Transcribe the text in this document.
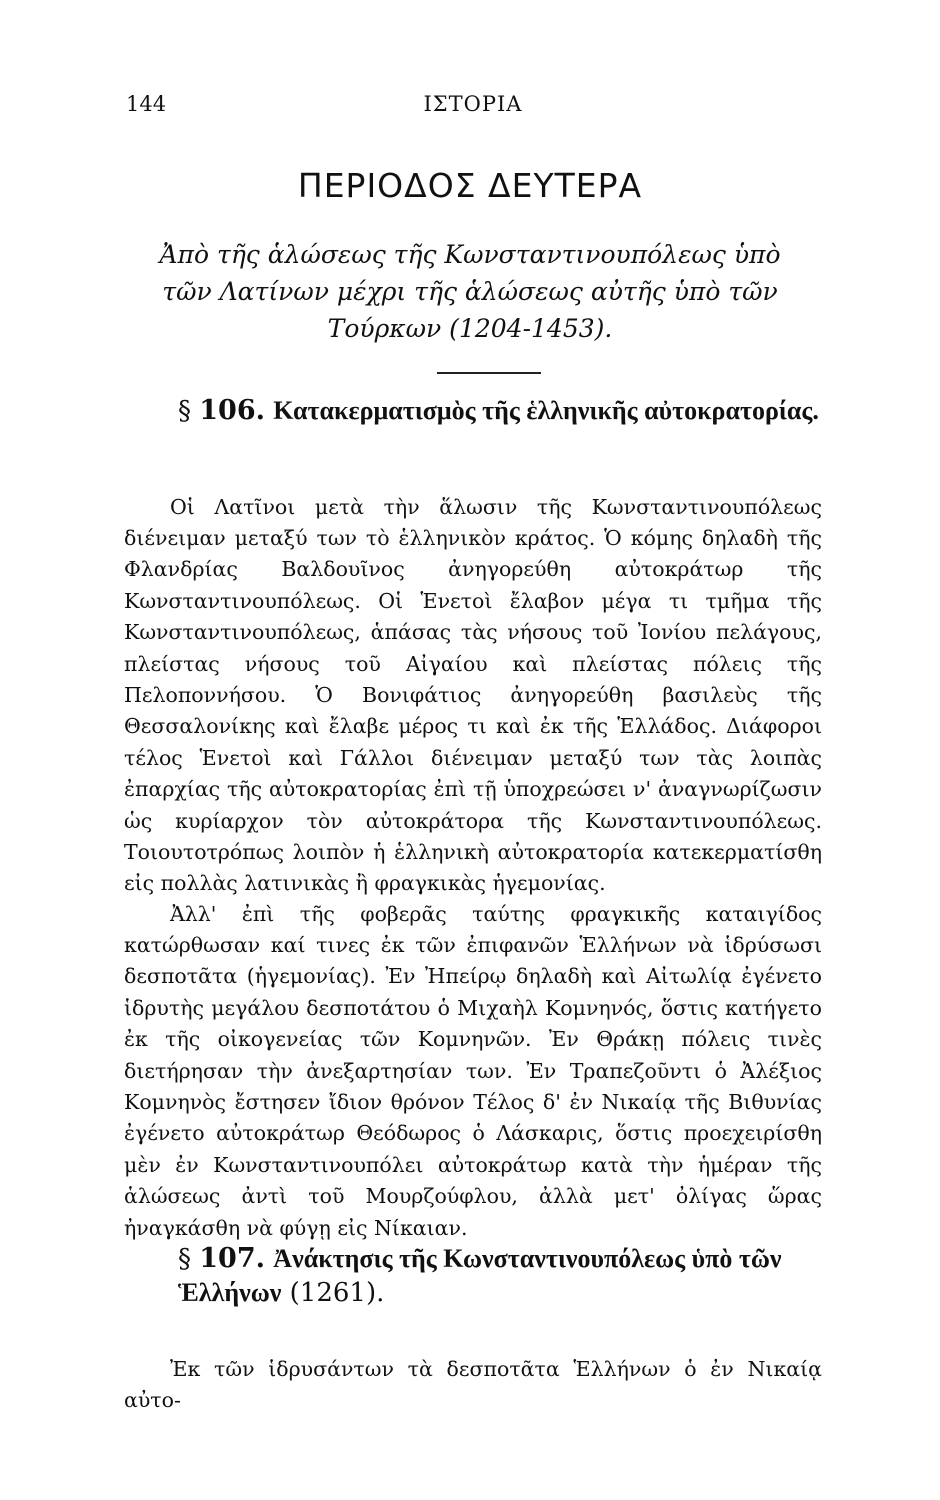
144	ΙΣΤΟΡΙΑ
ΠΕΡΙΟΔΟΣ ΔΕΥΤΕΡΑ
Ἀπὸ τῆς ἁλώσεως τῆς Κωνσταντινουπόλεως ὑπὸ τῶν Λατίνων μέχρι τῆς ἁλώσεως αὐτῆς ὑπὸ τῶν Τούρκων (1204-1453).
§ 106. Κατακερματισμὸς τῆς ἑλληνικῆς αὐτοκρατορίας.

Οἱ Λατῖνοι μετὰ τὴν ἅλωσιν τῆς Κωνσταντινουπόλεως διένειμαν μεταξύ των τὸ ἑλληνικὸν κράτος. Ὁ κόμης δηλαδὴ τῆς Φλανδρίας Βαλδουῖνος ἀνηγορεύθη αὐτοκράτωρ τῆς Κωνσταντινουπόλεως. Οἱ Ἑνετοὶ ἔλαβον μέγα τι τμῆμα τῆς Κωνσταντινουπόλεως, ἁπάσας τὰς νήσους τοῦ Ἰονίου πελάγους, πλείστας νήσους τοῦ Αἰγαίου καὶ πλείστας πόλεις τῆς Πελοποννήσου. Ὁ Βονιφάτιος ἀνηγορεύθη βασιλεὺς τῆς Θεσσαλονίκης καὶ ἔλαβε μέρος τι καὶ ἐκ τῆς Ἑλλάδος. Διάφοροι τέλος Ἑνετοὶ καὶ Γάλλοι διένειμαν μεταξύ των τὰς λοιπὰς ἐπαρχίας τῆς αὐτοκρατορίας ἐπὶ τῇ ὑποχρεώσει ν' ἀναγνωρίζωσιν ὡς κυρίαρχον τὸν αὐτοκράτορα τῆς Κωνσταντινουπόλεως. Τοιουτοτρόπως λοιπὸν ἡ ἑλληνικὴ αὐτοκρατορία κατεκερματίσθη εἰς πολλὰς λατινικὰς ἢ φραγκικὰς ἡγεμονίας.

Ἀλλ' ἐπὶ τῆς φοβερᾶς ταύτης φραγκικῆς καταιγίδος κατώρθωσαν καί τινες ἐκ τῶν ἐπιφανῶν Ἑλλήνων νὰ ἱδρύσωσι δεσποτᾶτα (ἡγεμονίας). Ἐν Ἠπείρῳ δηλαδὴ καὶ Αἰτωλίᾳ ἐγένετο ἱδρυτὴς μεγάλου δεσποτάτου ὁ Μιχαὴλ Κομνηνός, ὅστις κατήγετο ἐκ τῆς οἰκογενείας τῶν Κομνηνῶν. Ἐν Θράκῃ πόλεις τινὲς διετήρησαν τὴν ἀνεξαρτησίαν των. Ἐν Τραπεζοῦντι ὁ Ἀλέξιος Κομνηνὸς ἔστησεν ἴδιον θρόνον Τέλος δ' ἐν Νικαίᾳ τῆς Βιθυνίας ἐγένετο αὐτοκράτωρ Θεόδωρος ὁ Λάσκαρις, ὅστις προεχειρίσθη μὲν ἐν Κωνσταντινουπόλει αὐτοκράτωρ κατὰ τὴν ἡμέραν τῆς ἁλώσεως ἀντὶ τοῦ Μουρζούφλου, ἀλλὰ μετ' ὀλίγας ὥρας ἠναγκάσθη νὰ φύγῃ εἰς Νίκαιαν.

§ 107. Ἀνάκτησις τῆς Κωνσταντινουπόλεως ὑπὸ τῶν Ἑλλήνων (1261).

Ἐκ τῶν ἱδρυσάντων τὰ δεσποτᾶτα Ἑλλήνων ὁ ἐν Νικαίᾳ αὐτο-
